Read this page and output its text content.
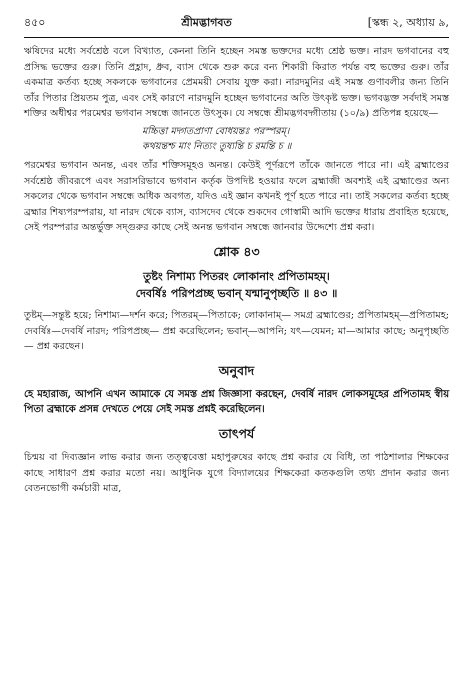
৪৫০	শ্রীমদ্ভাগবত	[স্কন্ধ ২, অধ্যায় ৯,

ঋষিদের মধ্যে সর্বশ্রেষ্ঠ বলে বিখ্যাত, কেননা তিনি হচ্ছেন সমস্ত ভক্তদের মধ্যে শ্রেষ্ঠ ভক্ত। নারদ ভগবানের বহু প্রসিদ্ধ ভক্তের গুরু। তিনি প্রহ্লাদ, ধ্রুব, ব্যাস থেকে শুরু করে বন্য শিকারী কিরাত পর্যন্ত বহু ভক্তের গুরু। তাঁর একমাত্র কর্তব্য হচ্ছে সকলকে ভগবানের প্রেমময়ী সেবায় যুক্ত করা। নারদমুনির এই সমস্ত গুণাবলীর জন্য তিনি তাঁর পিতার প্রিয়তম পুত্র, এবং সেই কারণে নারদমুনি হচ্ছেন ভগবানের অতি উৎকৃষ্ট ভক্ত। ভগবদ্ভক্ত সর্বদাই সমস্ত শক্তির অধীশ্বর পরমেশ্বর ভগবান সম্বন্ধে জানতে উৎসুক। যে সম্বন্ধে শ্রীমদ্ভগবদ্গীতায় (১০/৯) প্রতিপন্ন হয়েছে—

মচ্চিত্তা মদ্গতপ্রাণা বোধয়ন্তঃ পরস্পরম্।
কথয়ন্তশ্চ মাং নিত্যং তুষ্যন্তি চ রমন্তি চ ॥

পরমেশ্বর ভগবান অনন্ত, এবং তাঁর শক্তিসমূহও অনন্ত। কেউই পূর্ণরূপে তাঁকে জানতে পারে না। এই ব্রহ্মাণ্ডের সর্বশ্রেষ্ঠ জীবরূপে এবং সরাসরিভাবে ভগবান কর্তৃক উপদিষ্ট হওয়ার ফলে ব্রহ্মাজী অবশ্যই এই ব্রহ্মাণ্ডের অন্য সকলের থেকে ভগবান সম্বন্ধে অধিক অবগত, যদিও এই জ্ঞান কখনই পূর্ণ হতে পারে না। তাই সকলের কর্তব্য হচ্ছে ব্রহ্মার শিষ্যপরম্পরায়, যা নারদ থেকে ব্যাস, ব্যাসদেব থেকে শুকদেব গোস্বামী আদি ভক্তের ধারায় প্রবাহিত হয়েছে, সেই পরম্পরার অন্তর্ভুক্ত সদ্গুরুর কাছে সেই অনন্ত ভগবান সম্বন্ধে জানবার উদ্দেশ্যে প্রশ্ন করা।

শ্লোক ৪৩
তুষ্টং নিশাম্য পিতরং লোকানাং প্রপিতামহম্।
দেবর্ষিঃ পরিপপ্রচ্ছ ভবান্ যন্মানুপৃচ্ছতি ॥ ৪৩ ॥

তুষ্টম্—সন্তুষ্ট হয়ে; নিশাম্য—দর্শন করে; পিতরম্—পিতাকে; লোকানাম্— সমগ্র ব্রহ্মাণ্ডের; প্রপিতামহম্—প্রপিতামহ; দেবর্ষিঃ—দেবর্ষি নারদ; পরিপপ্রচ্ছ— প্রশ্ন করেছিলেন; ভবান্—আপনি; যৎ—যেমন; মা—আমার কাছে; অনুপৃচ্ছতি— প্রশ্ন করছেন।

অনুবাদ

হে মহারাজ, আপনি এখন আমাকে যে সমস্ত প্রশ্ন জিজ্ঞাসা করছেন, দেবর্ষি নারদ লোকসমূহের প্রপিতামহ স্বীয় পিতা ব্রহ্মাকে প্রসন্ন দেখতে পেয়ে সেই সমস্ত প্রশ্নই করেছিলেন।

তাৎপর্য

চিন্ময় বা দিব্যজ্ঞান লাভ করার জন্য তত্ত্ববেত্তা মহাপুরুষের কাছে প্রশ্ন করার যে বিধি, তা পাঠশালার শিক্ষকের কাছে সাধারণ প্রশ্ন করার মতো নয়। আধুনিক যুগে বিদ্যালয়ের শিক্ষকেরা কতকগুলি তথ্য প্রদান করার জন্য বেতনভোগী কর্মচারী মাত্র,
